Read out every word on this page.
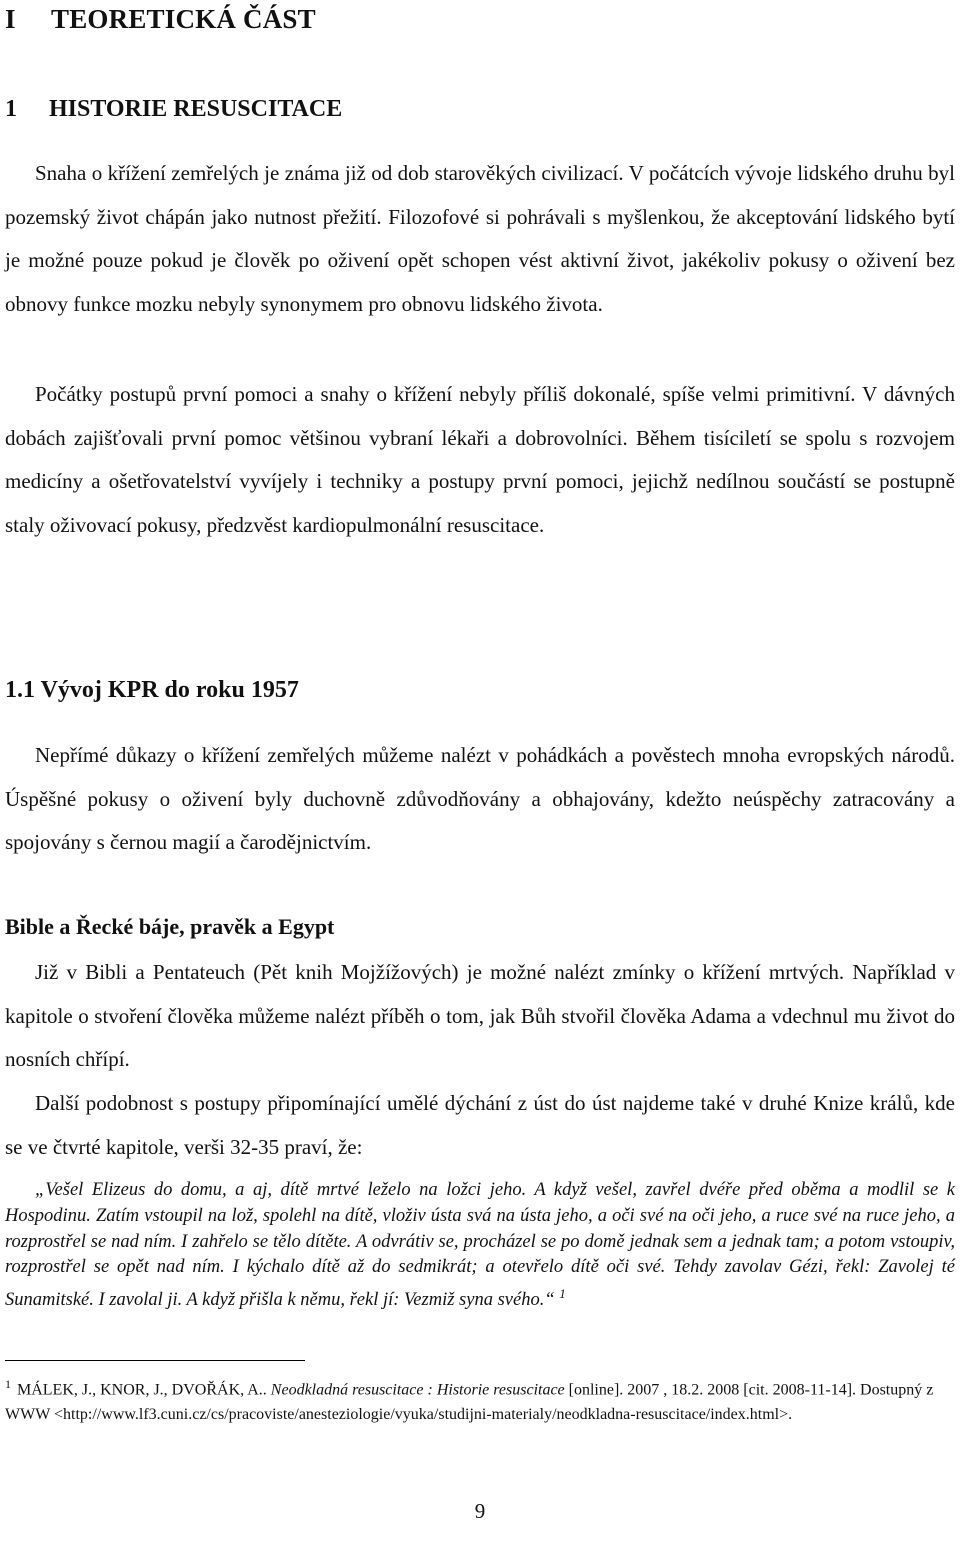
I TEORETICKÁ ČÁST
1 HISTORIE RESUSCITACE

Snaha o křížení zemřelých je známa již od dob starověkých civilizací. V počátcích vývoje lidského druhu byl pozemský život chápán jako nutnost přežití. Filozofové si pohrávali s myšlenkou, že akceptování lidského bytí je možné pouze pokud je člověk po oživení opět schopen vést aktivní život, jakékoliv pokusy o oživení bez obnovy funkce mozku nebyly synonymem pro obnovu lidského života.

Počátky postupů první pomoci a snahy o křížení nebyly příliš dokonalé, spíše velmi primitivní. V dávných dobách zajišťovali první pomoc většinou vybraní lékaři a dobrovolníci. Během tisíciletí se spolu s rozvojem medicíny a ošetřovatelství vyvíjely i techniky a postupy první pomoci, jejichž nedílnou součástí se postupně staly oživovací pokusy, předzvěst kardiopulmonální resuscitace.

1.1 Vývoj KPR do roku 1957

Nepřímé důkazy o křížení zemřelých můžeme nalézt v pohádkách a pověstech mnoha evropských národů. Úspěšné pokusy o oživení byly duchovně zdůvodňovány a obhajovány, kdežto neúspěchy zatracovány a spojovány s černou magií a čarodějnictvím.

Bible a Řecké báje, pravěk a Egypt

Již v Bibli a Pentateuch (Pět knih Mojžížových) je možné nalézt zmínky o křížení mrtvých. Například v kapitole o stvoření člověka můžeme nalézt příběh o tom, jak Bůh stvořil člověka Adama a vdechnul mu život do nosních chřípí.

Další podobnost s postupy připomínající umělé dýchání z úst do úst najdeme také v druhé Knize králů, kde se ve čtvrté kapitole, verši 32-35 praví, že:

„Vešel Elizeus do domu, a aj, dítě mrtvé leželo na ložci jeho. A když vešel, zavřel dvéře před oběma a modlil se k Hospodinu. Zatím vstoupil na lož, spolehl na dítě, vloživ ústa svá na ústa jeho, a oči své na oči jeho, a ruce své na ruce jeho, a rozprostřel se nad ním. I zahřelo se tělo dítěte. A odvrátiv se, procházel se po domě jednak sem a jednak tam; a potom vstoupiv, rozprostřel se opět nad ním. I kýchalo dítě až do sedmikrát; a otevřelo dítě oči své. Tehdy zavolav Gézi, řekl: Zavolej té Sunamitské. I zavolal ji. A když přišla k němu, řekl jí: Vezmiž syna svého.“ $^1$

$^1$ MÁLEK, J., KNOR, J., DVOŘÁK, A.. Neodkladná resuscitace : Historie resuscitace [online]. 2007 , 18.2. 2008 [cit. 2008-11-14]. Dostupný z WWW <http://www.lf3.cuni.cz/cs/pracoviste/anesteziologie/vyuka/studijni-materialy/neodkladna-resuscitace/index.html>.

9
